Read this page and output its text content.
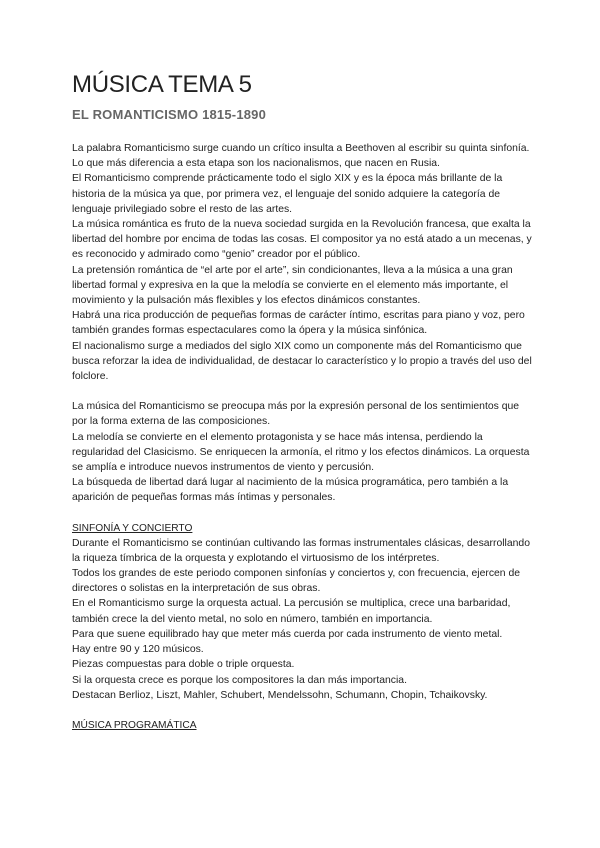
MÚSICA TEMA 5
EL ROMANTICISMO 1815-1890

La palabra Romanticismo surge cuando un crítico insulta a Beethoven al escribir su quinta sinfonía.

Lo que más diferencia a esta etapa son los nacionalismos, que nacen en Rusia.

El Romanticismo comprende prácticamente todo el siglo XIX y es la época más brillante de la historia de la música ya que, por primera vez, el lenguaje del sonido adquiere la categoría de lenguaje privilegiado sobre el resto de las artes.

La música romántica es fruto de la nueva sociedad surgida en la Revolución francesa, que exalta la libertad del hombre por encima de todas las cosas. El compositor ya no está atado a un mecenas, y es reconocido y admirado como “genio” creador por el público.

La pretensión romántica de “el arte por el arte”, sin condicionantes, lleva a la música a una gran libertad formal y expresiva en la que la melodía se convierte en el elemento más importante, el movimiento y la pulsación más flexibles y los efectos dinámicos constantes.

Habrá una rica producción de pequeñas formas de carácter íntimo, escritas para piano y voz, pero también grandes formas espectaculares como la ópera y la música sinfónica.

El nacionalismo surge a mediados del siglo XIX como un componente más del Romanticismo que busca reforzar la idea de individualidad, de destacar lo característico y lo propio a través del uso del folclore.

La música del Romanticismo se preocupa más por la expresión personal de los sentimientos que por la forma externa de las composiciones.

La melodía se convierte en el elemento protagonista y se hace más intensa, perdiendo la regularidad del Clasicismo. Se enriquecen la armonía, el ritmo y los efectos dinámicos. La orquesta se amplía e introduce nuevos instrumentos de viento y percusión.

La búsqueda de libertad dará lugar al nacimiento de la música programática, pero también a la aparición de pequeñas formas más íntimas y personales.

SINFONÍA Y CONCIERTO

Durante el Romanticismo se continúan cultivando las formas instrumentales clásicas, desarrollando la riqueza tímbrica de la orquesta y explotando el virtuosismo de los intérpretes.

Todos los grandes de este periodo componen sinfonías y conciertos y, con frecuencia, ejercen de directores o solistas en la interpretación de sus obras.

En el Romanticismo surge la orquesta actual. La percusión se multiplica, crece una barbaridad, también crece la del viento metal, no solo en número, también en importancia.

Para que suene equilibrado hay que meter más cuerda por cada instrumento de viento metal.

Hay entre 90 y 120 músicos.

Piezas compuestas para doble o triple orquesta.

Si la orquesta crece es porque los compositores la dan más importancia.

Destacan Berlioz, Liszt, Mahler, Schubert, Mendelssohn, Schumann, Chopin, Tchaikovsky.

MÚSICA PROGRAMÁTICA
